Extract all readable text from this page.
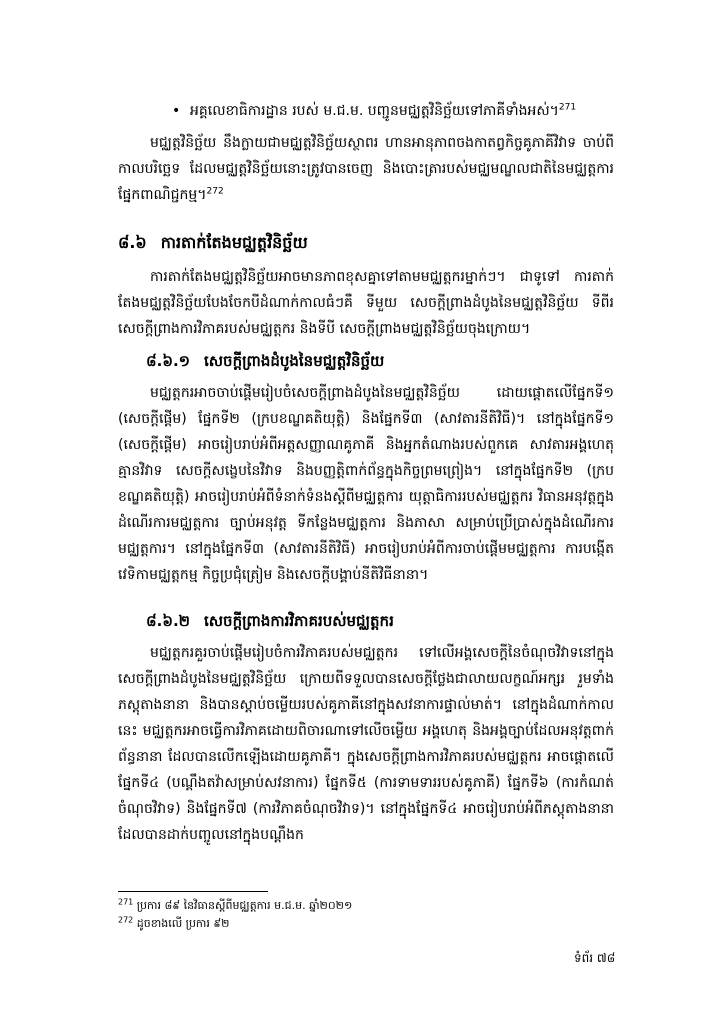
• អគ្គលេខាធិការដ្ឋាន របស់ ម.ជ.ម. បញ្ជូនមជ្ឈត្តវិនិច្ឆ័យទៅភាគីទាំងអស់។$^{271}$
មជ្ឈត្តវិនិច្ឆ័យ នឹងក្លាយជាមជ្ឈត្តវិនិច្ឆ័យស្ថាពរ ហានអានុភាពចងកាតព្វកិច្ចគូភាគីវិវាទ ចាប់ពីកាលបរិច្ឆេទ ដែលមជ្ឈត្តវិនិច្ឆ័យនោះត្រូវបានចេញ និងបោះត្រារបស់មជ្ឈមណ្ឌលជាតិនៃមជ្ឈត្តការផ្នែកពាណិជ្ជកម្ម។$^{272}$
៨.៦ ការតាក់តែងមជ្ឈត្តវិនិច្ឆ័យ
ការតាក់តែងមជ្ឈត្តវិនិច្ឆ័យអាចមានភាពខុសគ្នាទៅតាមមជ្ឈត្តករម្នាក់ៗ។ ជាទូទៅ ការតាក់តែងមជ្ឈត្តវិនិច្ឆ័យបែងចែកបីដំណាក់កាលធំៗគឺ ទីមួយ សេចក្តីព្រាងដំបូងនៃមជ្ឈត្តវិនិច្ឆ័យ ទីពីរ សេចក្តីព្រាងការវិភាគរបស់មជ្ឈត្តករ និងទីបី សេចក្តីព្រាងមជ្ឈត្តវិនិច្ឆ័យចុងក្រោយ។
៨.៦.១ សេចក្តីព្រាងដំបូងនៃមជ្ឈត្តវិនិច្ឆ័យ
មជ្ឈត្តករអាចចាប់ផ្តើមរៀបចំសេចក្តីព្រាងដំបូងនៃមជ្ឈត្តវិនិច្ឆ័យ ដោយផ្តោតលើផ្នែកទី១ (សេចក្តីផ្តើម) ផ្នែកទី២ (ក្របខណ្ឌគតិយុត្តិ) និងផ្នែកទី៣ (សាវតារនីតិវិធី)។ នៅក្នុងផ្នែកទី១ (សេចក្តីផ្តើម) អាចរៀបរាប់អំពីអត្តសញ្ញាណគូភាគី និងអ្នកតំណាងរបស់ពួកគេ សាវតារអង្គហេតុគ្មានវិវាទ សេចក្តីសង្ខេបនៃវិវាទ និងបញ្ញត្តិពាក់ព័ន្ធក្នុងកិច្ចព្រមព្រៀង។ នៅក្នុងផ្នែកទី២ (ក្របខណ្ឌគតិយុត្តិ) អាចរៀបរាប់អំពីទំនាក់ទំនងស្តីពីមជ្ឈត្តការ យុត្តាធិការរបស់មជ្ឈត្តករ វិធានអនុវត្តក្នុងដំណើរការមជ្ឈត្តការ ច្បាប់អនុវត្ត ទីកន្លែងមជ្ឈត្តការ និងភាសា សម្រាប់ប្រើប្រាស់ក្នុងដំណើរការមជ្ឈត្តការ។ នៅក្នុងផ្នែកទី៣ (សាវតារនីតិវិធី) អាចរៀបរាប់អំពីការចាប់ផ្តើមមជ្ឈត្តការ ការបង្កើតវេទិកាមជ្ឈត្តកម្ម កិច្ចប្រជុំត្រៀម និងសេចក្តីបង្គាប់នីតិវិធីនានា។
៨.៦.២ សេចក្តីព្រាងការវិភាគរបស់មជ្ឈត្តករ
មជ្ឈត្តករគួរចាប់ផ្តើមរៀបចំការវិភាគរបស់មជ្ឈត្តករ ទៅលើអង្គសេចក្តីនៃចំណុចវិវាទនៅក្នុងសេចក្តីព្រាងដំបូងនៃមជ្ឈត្តវិនិច្ឆ័យ ក្រោយពីទទួលបានសេចក្តីថ្លែងជាលាយលក្ខណ៍អក្សរ រួមទាំងភស្តុតាងនានា និងបានស្តាប់ចម្លើយរបស់គូភាគីនៅក្នុងសវនាការផ្ទាល់មាត់។ នៅក្នុងដំណាក់កាលនេះ មជ្ឈត្តករអាចធ្វើការវិភាគដោយពិចារណាទៅលើចម្លើយ អង្គហេតុ និងអង្គច្បាប់ដែលអនុវត្តពាក់ព័ន្ធនានា ដែលបានលើកឡើងដោយគូភាគី។ ក្នុងសេចក្តីព្រាងការវិភាគរបស់មជ្ឈត្តករ អាចផ្តោតលើផ្នែកទី៤ (បណ្តឹងតវ៉ាសម្រាប់សវនាការ) ផ្នែកទី៥ (ការទាមទាររបស់គូភាគី) ផ្នែកទី៦ (ការកំណត់ចំណុចវិវាទ) និងផ្នែកទី៧ (ការវិភាគចំណុចវិវាទ)។ នៅក្នុងផ្នែកទី៤ អាចរៀបរាប់អំពីភស្តុតាងនានា ដែលបានដាក់បញ្ចូលនៅក្នុងបណ្តឹងក
$^{271}$ ប្រការ ៨៩ នៃវិធានស្តីពីមជ្ឈត្តការ ម.ជ.ម. ឆ្នាំ២០២១
$^{272}$ ដូចខាងលើ ប្រការ ៩២
ទំព័រ ៧៨
